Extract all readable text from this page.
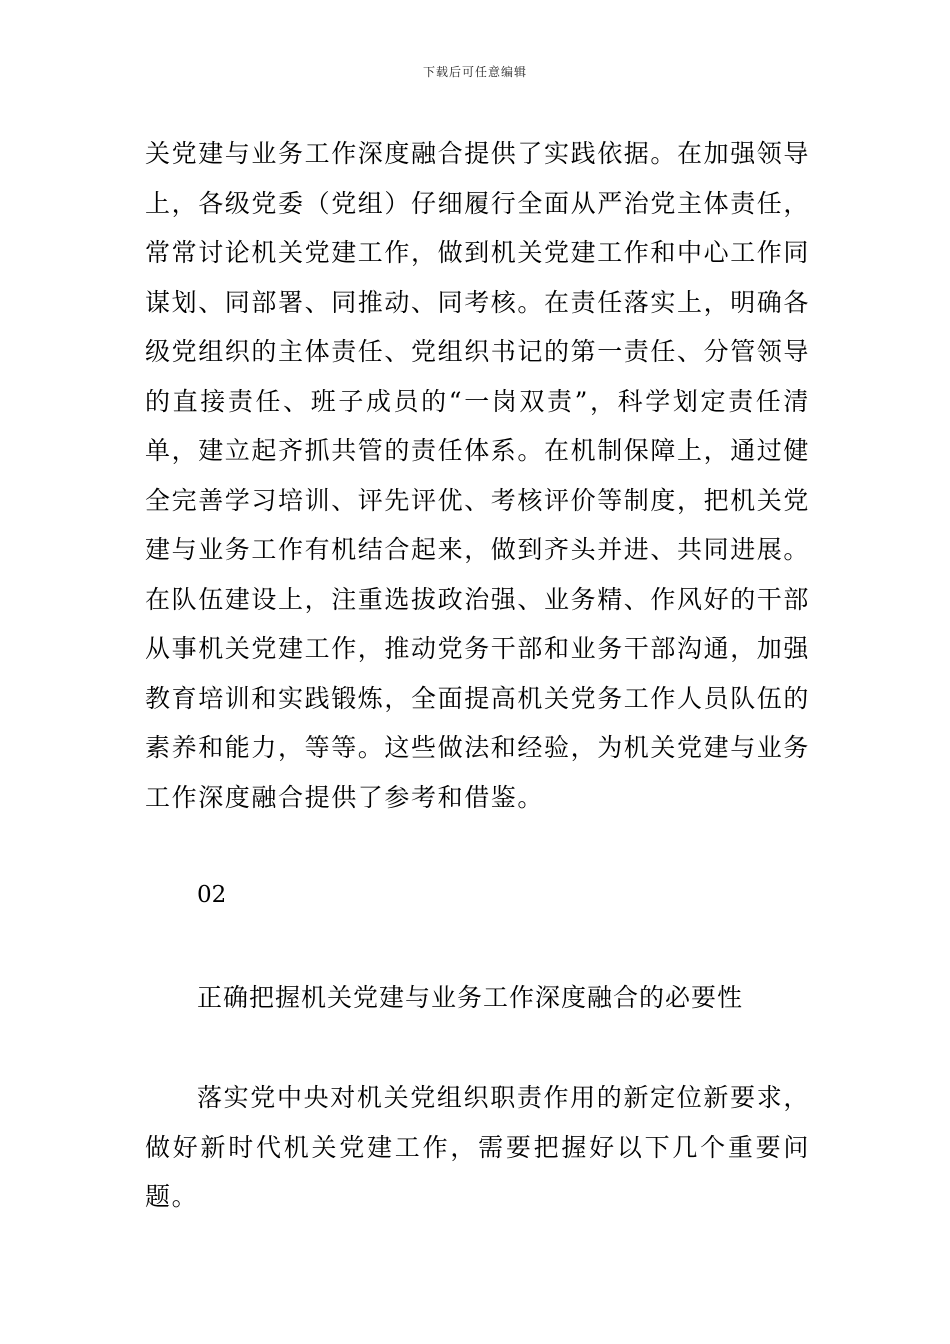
下载后可任意编辑

关党建与业务工作深度融合提供了实践依据。在加强领导上，各级党委（党组）仔细履行全面从严治党主体责任，常常讨论机关党建工作，做到机关党建工作和中心工作同谋划、同部署、同推动、同考核。在责任落实上，明确各级党组织的主体责任、党组织书记的第一责任、分管领导的直接责任、班子成员的“一岗双责”，科学划定责任清单，建立起齐抓共管的责任体系。在机制保障上，通过健全完善学习培训、评先评优、考核评价等制度，把机关党建与业务工作有机结合起来，做到齐头并进、共同进展。在队伍建设上，注重选拔政治强、业务精、作风好的干部从事机关党建工作，推动党务干部和业务干部沟通，加强教育培训和实践锻炼，全面提高机关党务工作人员队伍的素养和能力，等等。这些做法和经验，为机关党建与业务工作深度融合提供了参考和借鉴。

02

正确把握机关党建与业务工作深度融合的必要性

落实党中央对机关党组织职责作用的新定位新要求，做好新时代机关党建工作，需要把握好以下几个重要问题。
